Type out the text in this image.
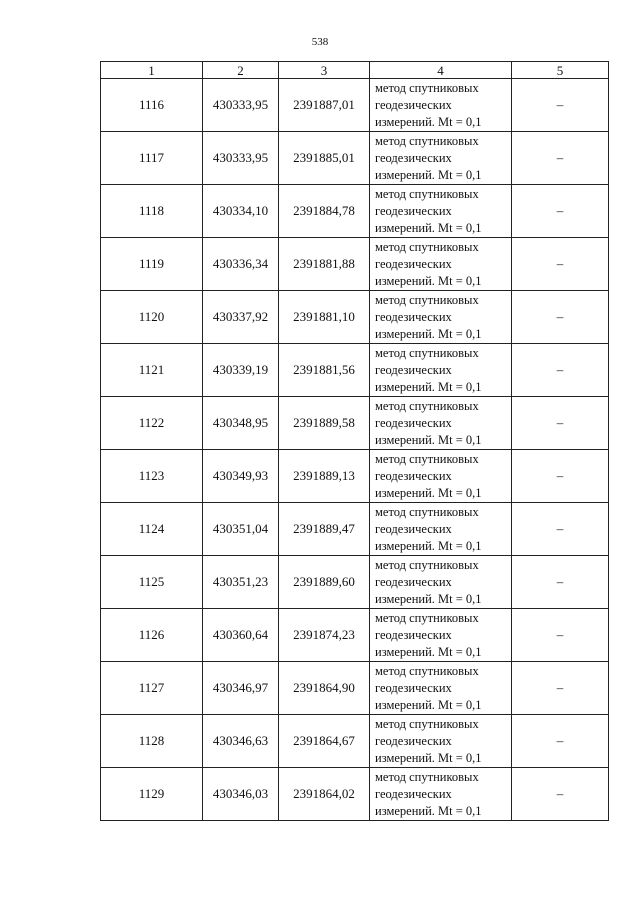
538
1	2	3	4	5
1116	430333,95	2391887,01	метод спутниковых
геодезических
измерений. Mt = 0,1	–
1117	430333,95	2391885,01	метод спутниковых
геодезических
измерений. Mt = 0,1	–
1118	430334,10	2391884,78	метод спутниковых
геодезических
измерений. Mt = 0,1	–
1119	430336,34	2391881,88	метод спутниковых
геодезических
измерений. Mt = 0,1	–
1120	430337,92	2391881,10	метод спутниковых
геодезических
измерений. Mt = 0,1	–
1121	430339,19	2391881,56	метод спутниковых
геодезических
измерений. Mt = 0,1	–
1122	430348,95	2391889,58	метод спутниковых
геодезических
измерений. Mt = 0,1	–
1123	430349,93	2391889,13	метод спутниковых
геодезических
измерений. Mt = 0,1	–
1124	430351,04	2391889,47	метод спутниковых
геодезических
измерений. Mt = 0,1	–
1125	430351,23	2391889,60	метод спутниковых
геодезических
измерений. Mt = 0,1	–
1126	430360,64	2391874,23	метод спутниковых
геодезических
измерений. Mt = 0,1	–
1127	430346,97	2391864,90	метод спутниковых
геодезических
измерений. Mt = 0,1	–
1128	430346,63	2391864,67	метод спутниковых
геодезических
измерений. Mt = 0,1	–
1129	430346,03	2391864,02	метод спутниковых
геодезических
измерений. Mt = 0,1	–
